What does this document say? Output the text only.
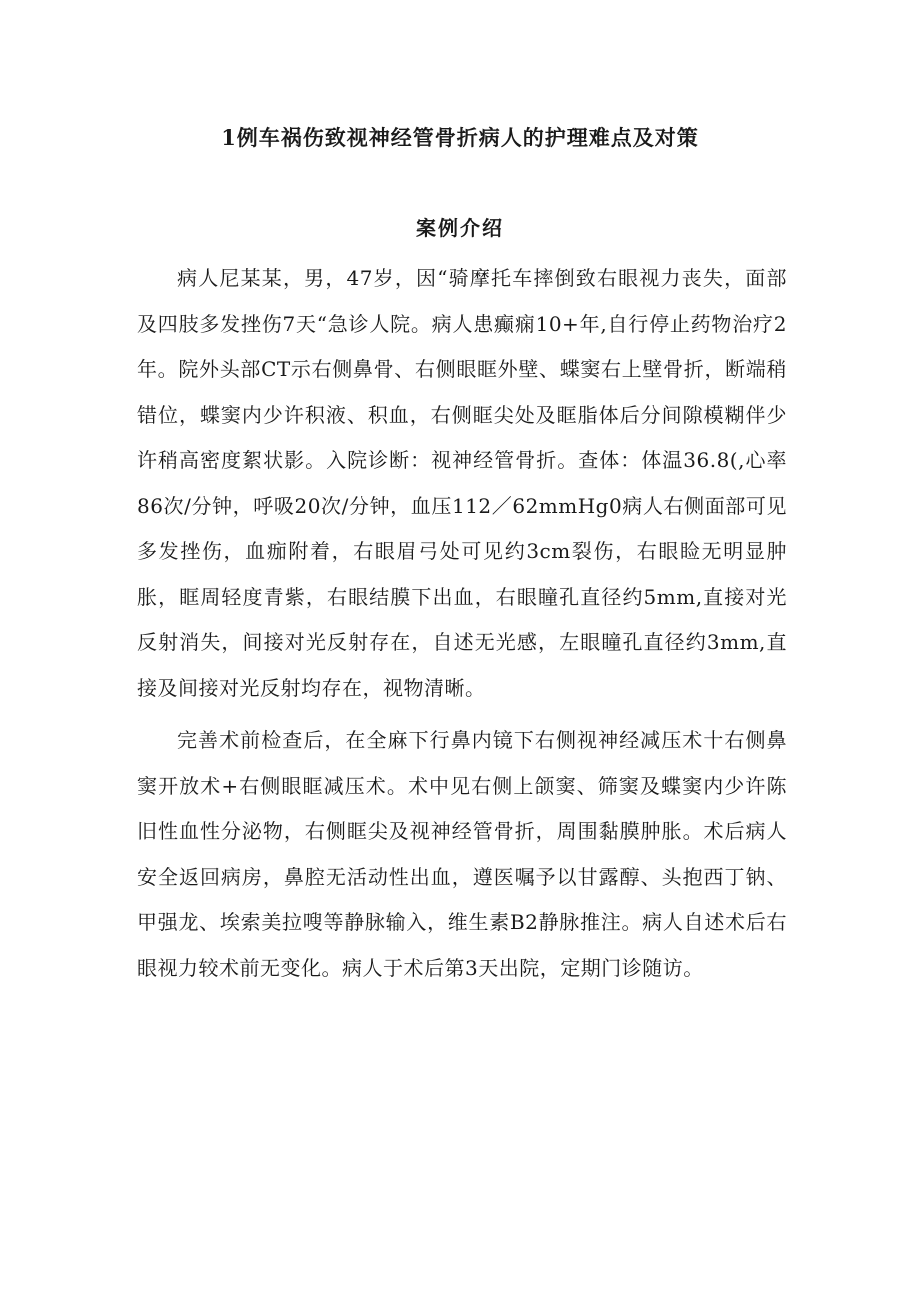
1例车祸伤致视神经管骨折病人的护理难点及对策
案例介绍

病人尼某某，男，47岁，因“骑摩托车摔倒致右眼视力丧失，面部及四肢多发挫伤7天“急诊人院。病人患癫痫10+年,自行停止药物治疗2年。院外头部CT示右侧鼻骨、右侧眼眶外壁、蝶窦右上壁骨折，断端稍错位，蝶窦内少许积液、积血，右侧眶尖处及眶脂体后分间隙模糊伴少许稍高密度絮状影。入院诊断：视神经管骨折。查体：体温36.8(,心率86次/分钟，呼吸20次/分钟，血压112／62mmHg0病人右侧面部可见多发挫伤，血痂附着，右眼眉弓处可见约3cm裂伤，右眼睑无明显肿胀，眶周轻度青紫，右眼结膜下出血，右眼瞳孔直径约5mm,直接对光反射消失，间接对光反射存在，自述无光感，左眼瞳孔直径约3mm,直接及间接对光反射均存在，视物清晰。

完善术前检查后，在全麻下行鼻内镜下右侧视神经减压术十右侧鼻窦开放术+右侧眼眶减压术。术中见右侧上颌窦、筛窦及蝶窦内少许陈旧性血性分泌物，右侧眶尖及视神经管骨折，周围黏膜肿胀。术后病人安全返回病房，鼻腔无活动性出血，遵医嘱予以甘露醇、头抱西丁钠、甲强龙、埃索美拉嗖等静脉输入，维生素B2静脉推注。病人自述术后右眼视力较术前无变化。病人于术后第3天出院，定期门诊随访。
